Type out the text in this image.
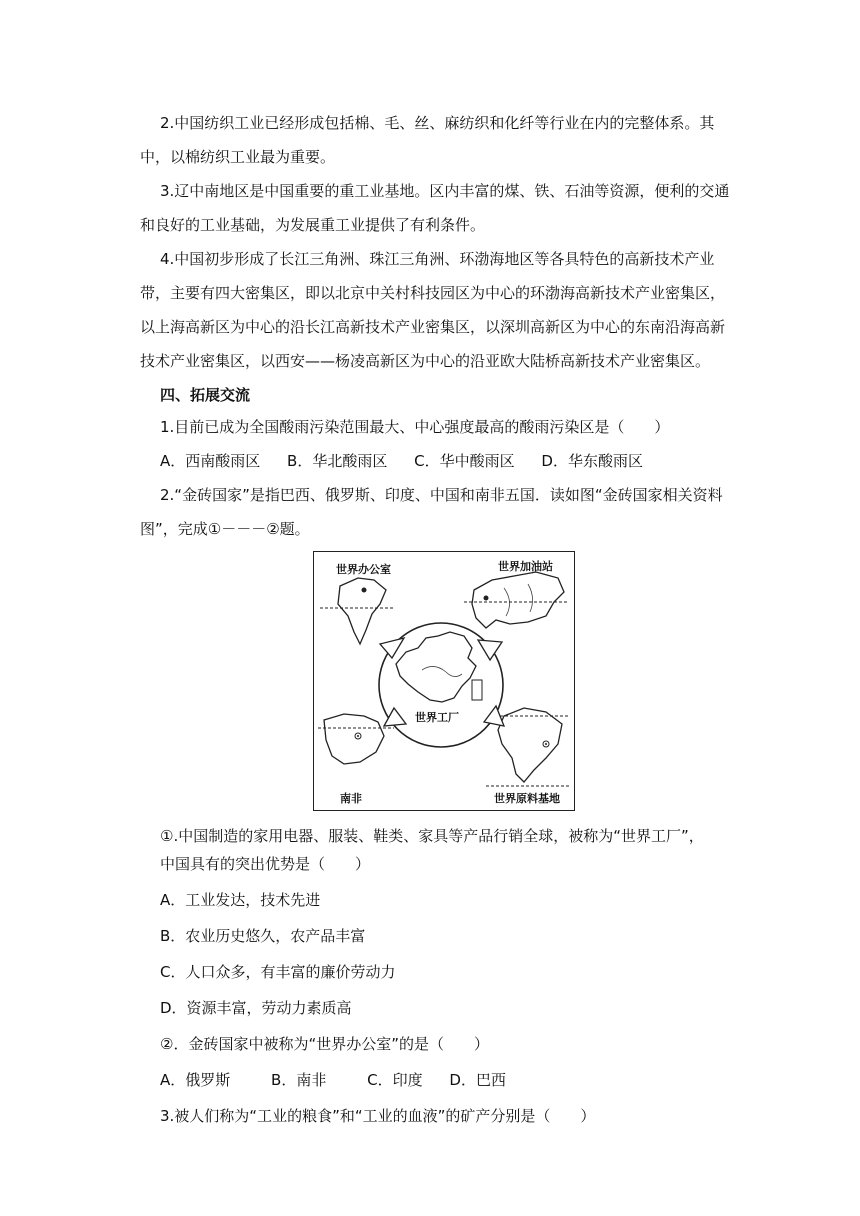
2.中国纺织工业已经形成包括棉、毛、丝、麻纺织和化纤等行业在内的完整体系。其中，以棉纺织工业最为重要。

3.辽中南地区是中国重要的重工业基地。区内丰富的煤、铁、石油等资源，便利的交通和良好的工业基础，为发展重工业提供了有利条件。

4.中国初步形成了长江三角洲、珠江三角洲、环渤海地区等各具特色的高新技术产业带，主要有四大密集区，即以北京中关村科技园区为中心的环渤海高新技术产业密集区，以上海高新区为中心的沿长江高新技术产业密集区，以深圳高新区为中心的东南沿海高新技术产业密集区，以西安——杨凌高新区为中心的沿亚欧大陆桥高新技术产业密集区。

四、拓展交流
1.目前已成为全国酸雨污染范围最大、中心强度最高的酸雨污染区是（　　）
A．西南酸雨区 B．华北酸雨区 C．华中酸雨区 D．华东酸雨区

2.“金砖国家”是指巴西、俄罗斯、印度、中国和南非五国．读如图“金砖国家相关资料图”，完成①－－－②题。

世界办公室	世界加油站
世界工厂
南非	世界原料基地
①.中国制造的家用电器、服装、鞋类、家具等产品行销全球，被称为“世界工厂”，
中国具有的突出优势是（　　）
A．工业发达，技术先进
B．农业历史悠久，农产品丰富
C．人口众多，有丰富的廉价劳动力
D．资源丰富，劳动力素质高
②．金砖国家中被称为“世界办公室”的是（　　）
A．俄罗斯	B．南非	C．印度 D．巴西
3.被人们称为“工业的粮食”和“工业的血液”的矿产分别是（　　）
